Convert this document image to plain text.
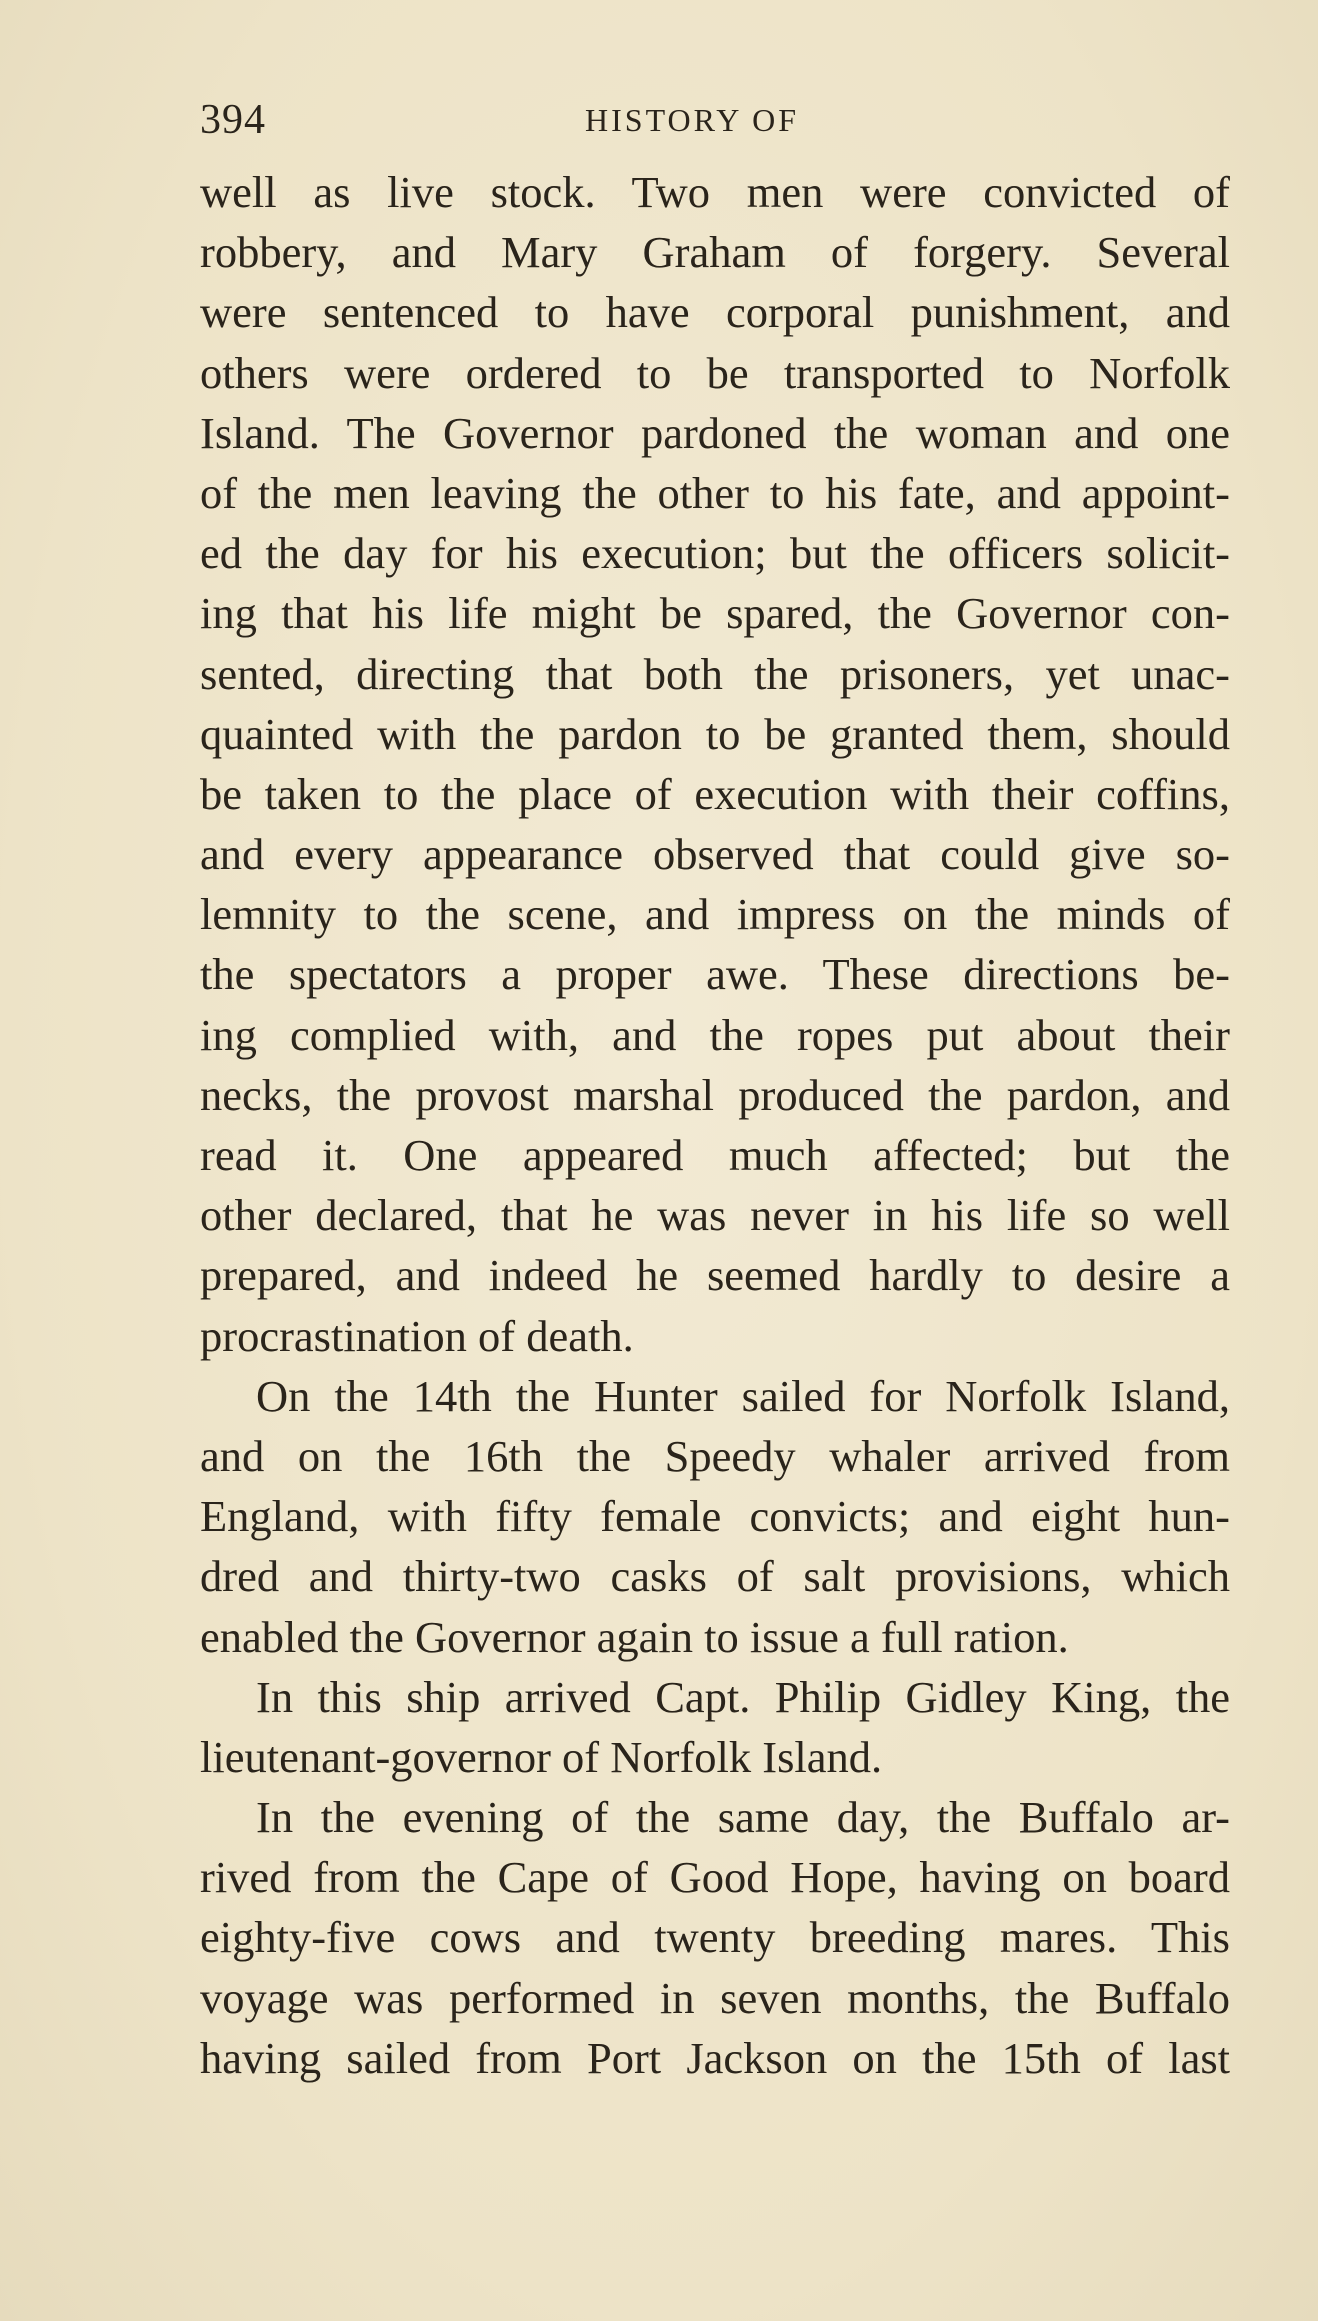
394	HISTORY OF
well as live stock. Two men were convicted of
robbery, and Mary Graham of forgery. Several
were sentenced to have corporal punishment, and
others were ordered to be transported to Norfolk
Island. The Governor pardoned the woman and one
of the men leaving the other to his fate, and appoint-
ed the day for his execution; but the officers solicit-
ing that his life might be spared, the Governor con-
sented, directing that both the prisoners, yet unac-
quainted with the pardon to be granted them, should
be taken to the place of execution with their coffins,
and every appearance observed that could give so-
lemnity to the scene, and impress on the minds of
the spectators a proper awe. These directions be-
ing complied with, and the ropes put about their
necks, the provost marshal produced the pardon, and
read it. One appeared much affected; but the
other declared, that he was never in his life so well
prepared, and indeed he seemed hardly to desire a
procrastination of death.
On the 14th the Hunter sailed for Norfolk Island,
and on the 16th the Speedy whaler arrived from
England, with fifty female convicts; and eight hun-
dred and thirty-two casks of salt provisions, which
enabled the Governor again to issue a full ration.
In this ship arrived Capt. Philip Gidley King, the
lieutenant-governor of Norfolk Island.
In the evening of the same day, the Buffalo ar-
rived from the Cape of Good Hope, having on board
eighty-five cows and twenty breeding mares. This
voyage was performed in seven months, the Buffalo
having sailed from Port Jackson on the 15th of last
